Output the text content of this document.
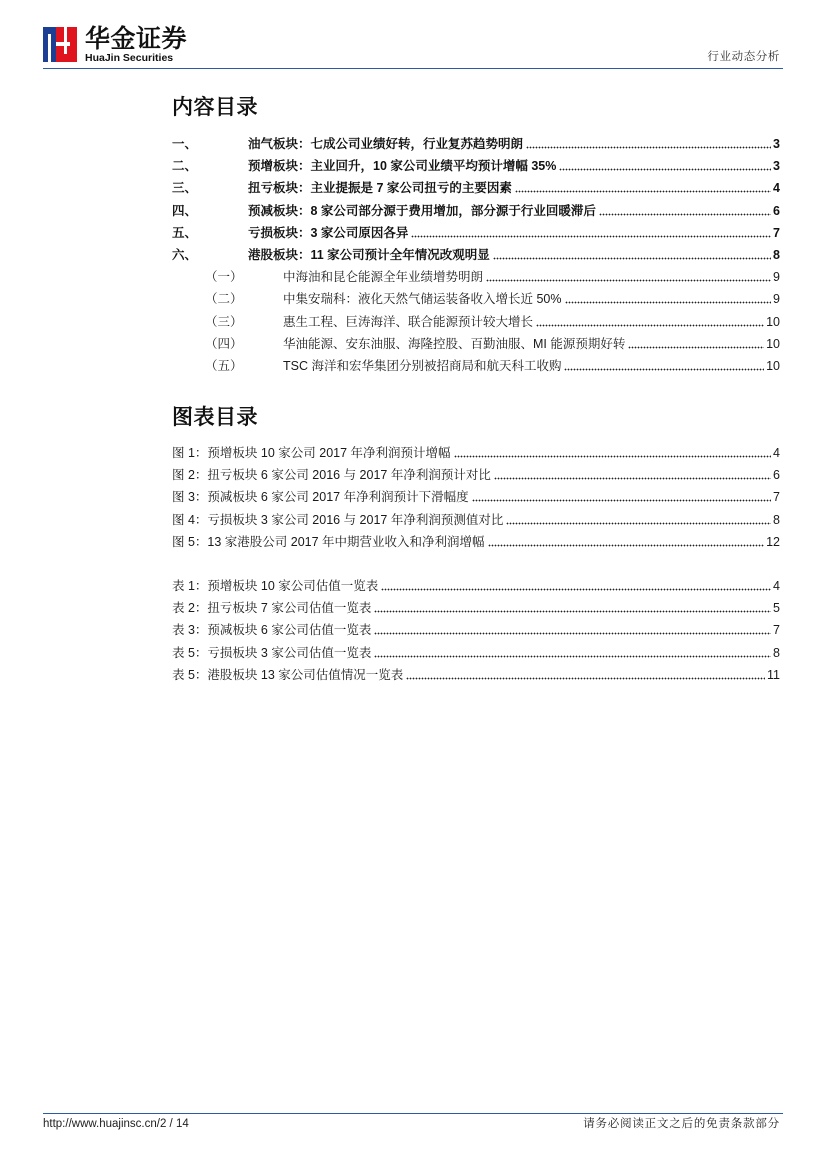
华金证券
HuaJin Securities	行业动态分析
内容目录
一、	油气板块：七成公司业绩好转，行业复苏趋势明朗	3
二、	预增板块：主业回升，10 家公司业绩平均预计增幅 35%	3
三、	扭亏板块：主业提振是 7 家公司扭亏的主要因素	4
四、	预减板块：8 家公司部分源于费用增加，部分源于行业回暖滞后	6
五、	亏损板块：3 家公司原因各异	7
六、	港股板块：11 家公司预计全年情况改观明显	8
（一）	中海油和昆仑能源全年业绩增势明朗	9
（二）	中集安瑞科：液化天然气储运装备收入增长近 50%	9
（三）	惠生工程、巨涛海洋、联合能源预计较大增长	10
（四）	华油能源、安东油服、海隆控股、百勤油服、MI 能源预期好转	10
（五）	TSC 海洋和宏华集团分别被招商局和航天科工收购	10
图表目录
图 1：预增板块 10 家公司 2017 年净利润预计增幅	4
图 2：扭亏板块 6 家公司 2016 与 2017 年净利润预计对比	6
图 3：预减板块 6 家公司 2017 年净利润预计下滑幅度	7
图 4：亏损板块 3 家公司 2016 与 2017 年净利润预测值对比	8
图 5：13 家港股公司 2017 年中期营业收入和净利润增幅	12
表 1：预增板块 10 家公司估值一览表	4
表 2：扭亏板块 7 家公司估值一览表	5
表 3：预减板块 6 家公司估值一览表	7
表 5：亏损板块 3 家公司估值一览表	8
表 5：港股板块 13 家公司估值情况一览表	11
http://www.huajinsc.cn/2 / 14	请务必阅读正文之后的免责条款部分
